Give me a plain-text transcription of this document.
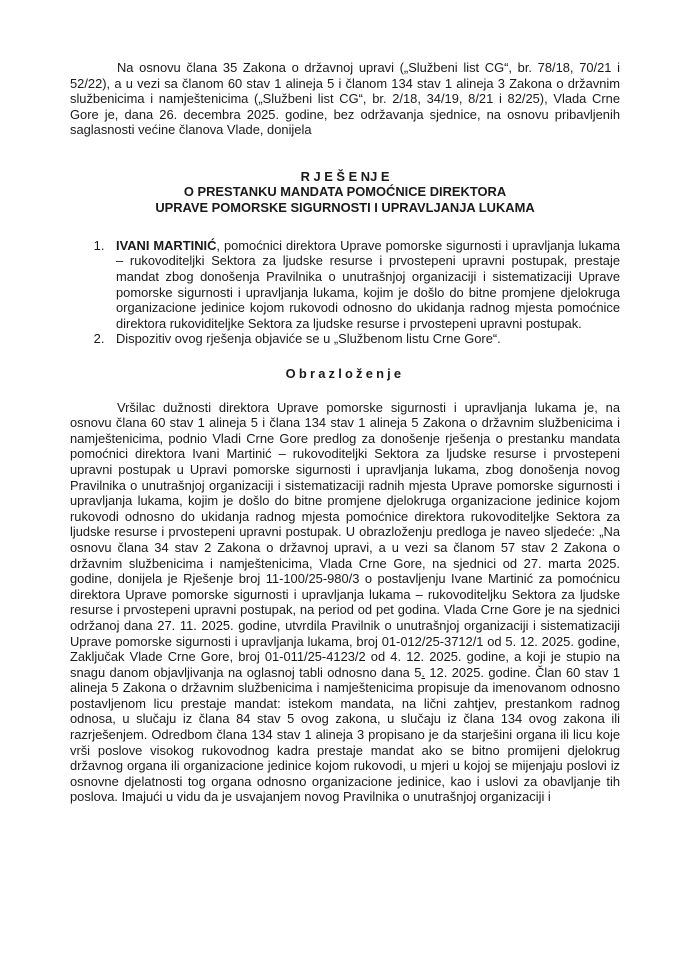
Na osnovu člana 35 Zakona o državnoj upravi („Službeni list CG“, br. 78/18, 70/21 i 52/22), a u vezi sa članom 60 stav 1 alineja 5 i članom 134 stav 1 alineja 3 Zakona o državnim službenicima i namještenicima („Službeni list CG“, br. 2/18, 34/19, 8/21 i 82/25), Vlada Crne Gore je, dana 26. decembra 2025. godine, bez održavanja sjednice, na osnovu pribavljenih saglasnosti većine članova Vlade, donijela

R J E Š E NJ E
O PRESTANKU MANDATA POMOĆNICE DIREKTORA
UPRAVE POMORSKE SIGURNOSTI I UPRAVLJANJA LUKAMA
1. IVANI MARTINIĆ, pomoćnici direktora Uprave pomorske sigurnosti i upravljanja lukama – rukovoditeljki Sektora za ljudske resurse i prvostepeni upravni postupak, prestaje mandat zbog donošenja Pravilnika o unutrašnjoj organizaciji i sistematizaciji Uprave pomorske sigurnosti i upravljanja lukama, kojim je došlo do bitne promjene djelokruga organizacione jedinice kojom rukovodi odnosno do ukidanja radnog mjesta pomoćnice direktora rukoviditeljke Sektora za ljudske resurse i prvostepeni upravni postupak.
2. Dispozitiv ovog rješenja objaviće se u „Službenom listu Crne Gore“.
Obrazloženje

Vršilac dužnosti direktora Uprave pomorske sigurnosti i upravljanja lukama je, na osnovu člana 60 stav 1 alineja 5 i člana 134 stav 1 alineja 5 Zakona o državnim službenicima i namještenicima, podnio Vladi Crne Gore predlog za donošenje rješenja o prestanku mandata pomoćnici direktora Ivani Martinić – rukovoditeljki Sektora za ljudske resurse i prvostepeni upravni postupak u Upravi pomorske sigurnosti i upravljanja lukama, zbog donošenja novog Pravilnika o unutrašnjoj organizaciji i sistematizaciji radnih mjesta Uprave pomorske sigurnosti i upravljanja lukama, kojim je došlo do bitne promjene djelokruga organizacione jedinice kojom rukovodi odnosno do ukidanja radnog mjesta pomoćnice direktora rukovoditeljke Sektora za ljudske resurse i prvostepeni upravni postupak. U obrazloženju predloga je naveo sljedeće: „Na osnovu člana 34 stav 2 Zakona o državnoj upravi, a u vezi sa članom 57 stav 2 Zakona o državnim službenicima i namještenicima, Vlada Crne Gore, na sjednici od 27. marta 2025. godine, donijela je Rješenje broj 11-100/25-980/3 o postavljenju Ivane Martinić za pomoćnicu direktora Uprave pomorske sigurnosti i upravljanja lukama – rukovoditeljku Sektora za ljudske resurse i prvostepeni upravni postupak, na period od pet godina. Vlada Crne Gore je na sjednici održanoj dana 27. 11. 2025. godine, utvrdila Pravilnik o unutrašnjoj organizaciji i sistematizaciji Uprave pomorske sigurnosti i upravljanja lukama, broj 01-012/25-3712/1 od 5. 12. 2025. godine, Zaključak Vlade Crne Gore, broj 01-011/25-4123/2 od 4. 12. 2025. godine, a koji je stupio na snagu danom objavljivanja na oglasnoj tabli odnosno dana 5. 12. 2025. godine. Član 60 stav 1 alineja 5 Zakona o državnim službenicima i namještenicima propisuje da imenovanom odnosno postavljenom licu prestaje mandat: istekom mandata, na lični zahtjev, prestankom radnog odnosa, u slučaju iz člana 84 stav 5 ovog zakona, u slučaju iz člana 134 ovog zakona ili razrješenjem. Odredbom člana 134 stav 1 alineja 3 propisano je da starješini organa ili licu koje vrši poslove visokog rukovodnog kadra prestaje mandat ako se bitno promijeni djelokrug državnog organa ili organizacione jedinice kojom rukovodi, u mjeri u kojoj se mijenjaju poslovi iz osnovne djelatnosti tog organa odnosno organizacione jedinice, kao i uslovi za obavljanje tih poslova. Imajući u vidu da je usvajanjem novog Pravilnika o unutrašnjoj organizaciji i
